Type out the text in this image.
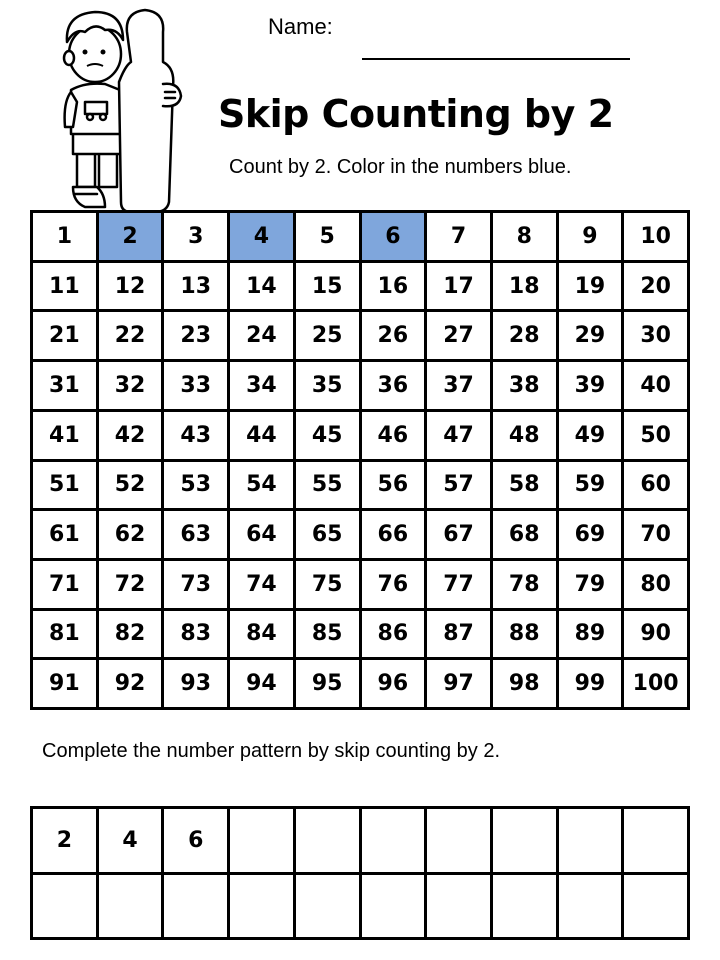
Name:
Skip Counting by 2
Count by 2. Color in the numbers blue.
1	2	3	4	5	6	7	8	9	10
11	12	13	14	15	16	17	18	19	20
21	22	23	24	25	26	27	28	29	30
31	32	33	34	35	36	37	38	39	40
41	42	43	44	45	46	47	48	49	50
51	52	53	54	55	56	57	58	59	60
61	62	63	64	65	66	67	68	69	70
71	72	73	74	75	76	77	78	79	80
81	82	83	84	85	86	87	88	89	90
91	92	93	94	95	96	97	98	99	100
Complete the number pattern by skip counting by 2.
2	4	6
